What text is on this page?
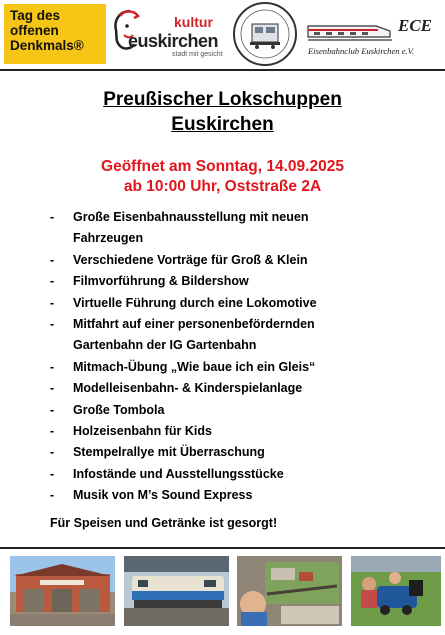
Tag des
offenen
Denkmals®
kultur
euskirchen
stadt mit gesicht
ECE
Eisenbahnclub Euskirchen e.V.
Preußischer Lokschuppen
Euskirchen
Geöffnet am Sonntag, 14.09.2025
ab 10:00 Uhr, Oststraße 2A
- Große Eisenbahnausstellung mit neuen Fahrzeugen
- Verschiedene Vorträge für Groß & Klein
- Filmvorführung & Bildershow
- Virtuelle Führung durch eine Lokomotive
- Mitfahrt auf einer personenbefördernden Gartenbahn der IG Gartenbahn
- Mitmach-Übung „Wie baue ich ein Gleis“
- Modelleisenbahn- & Kinderspielanlage
- Große Tombola
- Holzeisenbahn für Kids
- Stempelrallye mit Überraschung
- Infostände und Ausstellungsstücke
- Musik von M’s Sound Express
Für Speisen und Getränke ist gesorgt!
